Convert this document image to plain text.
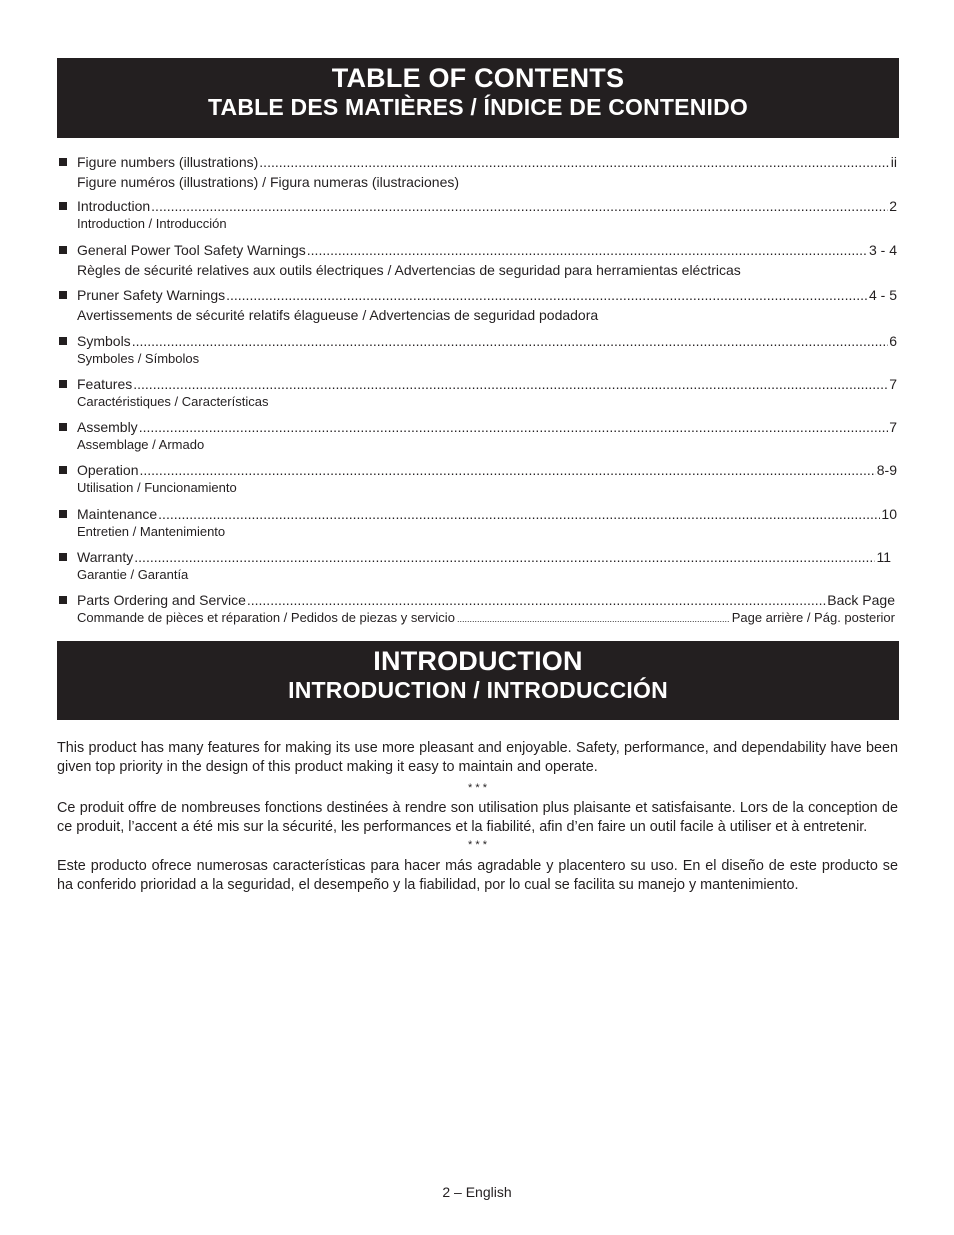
TABLE OF CONTENTS
TABLE DES MATIÈRES / ÍNDICE DE CONTENIDO
Figure numbers (illustrations) .....	ii
Figure numéros (illustrations) / Figura numeras (ilustraciones)
Introduction .....	2
Introduction / Introducción
General Power Tool Safety Warnings .....	3 - 4
Règles de sécurité relatives aux outils électriques / Advertencias de seguridad para herramientas eléctricas
Pruner Safety Warnings .....	4 - 5
Avertissements de sécurité relatifs élagueuse / Advertencias de seguridad podadora
Symbols .....	6
Symboles / Símbolos
Features .....	7
Caractéristiques / Características
Assembly .....	7
Assemblage / Armado
Operation .....	8-9
Utilisation / Funcionamiento
Maintenance .....	10
Entretien / Mantenimiento
Warranty .....	11
Garantie / Garantía
Parts Ordering and Service .....	Back Page
Commande de pièces et réparation / Pedidos de piezas y servicio .....	Page arrière / Pág. posterior
INTRODUCTION
INTRODUCTION / INTRODUCCIÓN

This product has many features for making its use more pleasant and enjoyable. Safety, performance, and dependability have been given top priority in the design of this product making it easy to maintain and operate.

* * *

Ce produit offre de nombreuses fonctions destinées à rendre son utilisation plus plaisante et satisfaisante. Lors de la conception de ce produit, l’accent a été mis sur la sécurité, les performances et la fiabilité, afin d’en faire un outil facile à utiliser et à entretenir.

* * *

Este producto ofrece numerosas características para hacer más agradable y placentero su uso. En el diseño de este producto se ha conferido prioridad a la seguridad, el desempeño y la fiabilidad, por lo cual se facilita su manejo y mantenimiento.

2 – English
